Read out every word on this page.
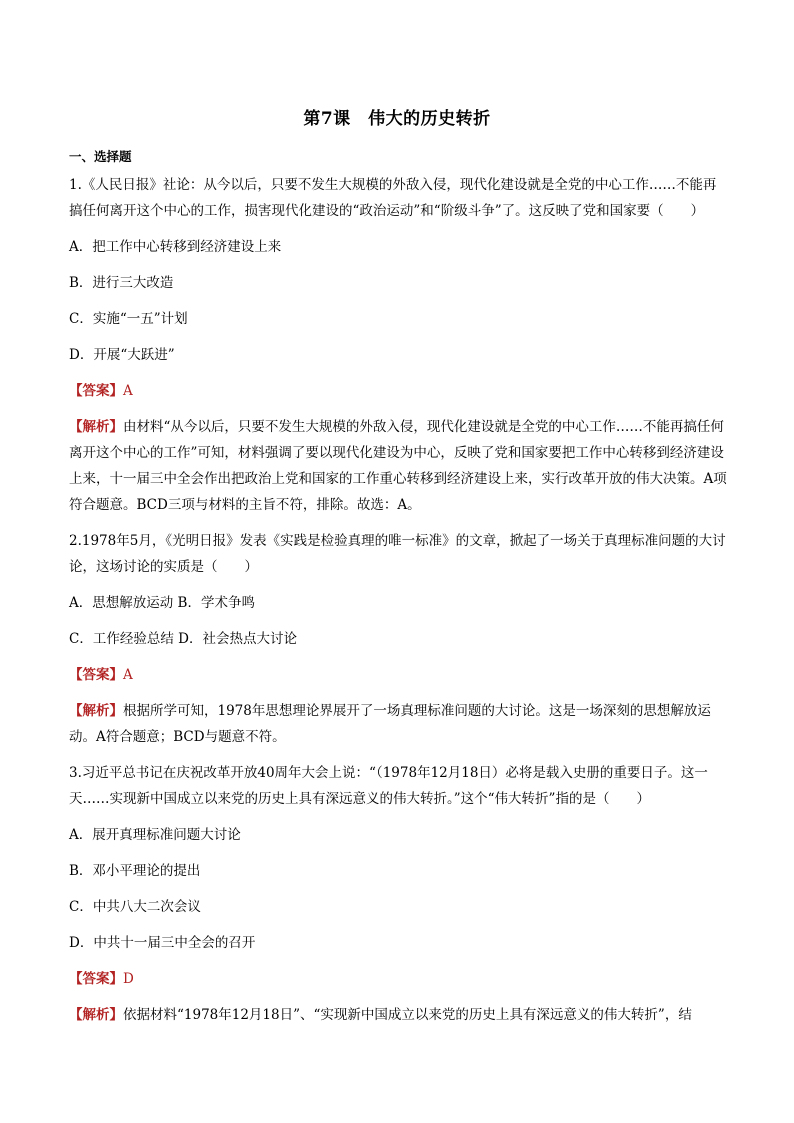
第7课　伟大的历史转折
一、选择题

1.《人民日报》社论：从今以后，只要不发生大规模的外敌入侵，现代化建设就是全党的中心工作……不能再搞任何离开这个中心的工作，损害现代化建设的“政治运动”和“阶级斗争”了。这反映了党和国家要（　　）

A．把工作中心转移到经济建设上来

B．进行三大改造

C．实施“一五”计划

D．开展“大跃进”

【答案】A

【解析】由材料“从今以后，只要不发生大规模的外敌入侵，现代化建设就是全党的中心工作……不能再搞任何离开这个中心的工作”可知，材料强调了要以现代化建设为中心，反映了党和国家要把工作中心转移到经济建设上来，十一届三中全会作出把政治上党和国家的工作重心转移到经济建设上来，实行改革开放的伟大决策。A项符合题意。BCD三项与材料的主旨不符，排除。故选：A。

2.1978年5月，《光明日报》发表《实践是检验真理的唯一标准》的文章，掀起了一场关于真理标准问题的大讨论，这场讨论的实质是（　　）

A．思想解放运动 B．学术争鸣

C．工作经验总结 D．社会热点大讨论

【答案】A

【解析】根据所学可知，1978年思想理论界展开了一场真理标准问题的大讨论。这是一场深刻的思想解放运动。A符合题意；BCD与题意不符。

3.习近平总书记在庆祝改革开放40周年大会上说：“（1978年12月18日）必将是载入史册的重要日子。这一天……实现新中国成立以来党的历史上具有深远意义的伟大转折。”这个“伟大转折”指的是（　　）

A．展开真理标准问题大讨论

B．邓小平理论的提出

C．中共八大二次会议

D．中共十一届三中全会的召开

【答案】D

【解析】依据材料“1978年12月18日”、“实现新中国成立以来党的历史上具有深远意义的伟大转折”，结
